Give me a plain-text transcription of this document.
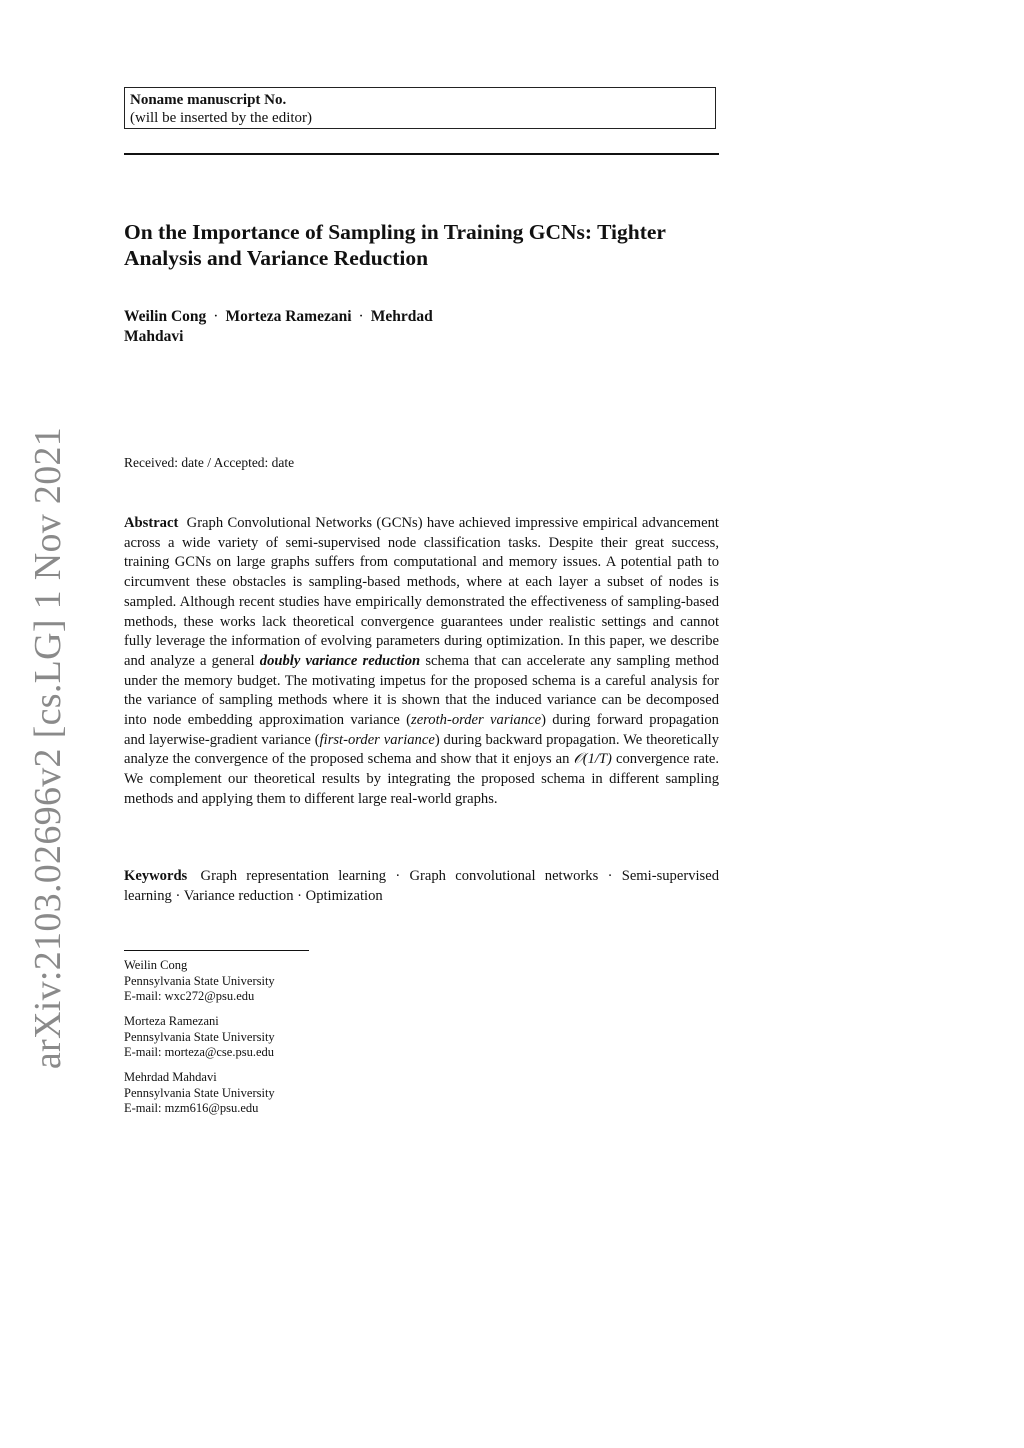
Noname manuscript No.
(will be inserted by the editor)
On the Importance of Sampling in Training GCNs: Tighter Analysis and Variance Reduction
Weilin Cong · Morteza Ramezani · Mehrdad Mahdavi
Received: date / Accepted: date

Abstract Graph Convolutional Networks (GCNs) have achieved impressive empirical advancement across a wide variety of semi-supervised node classification tasks. Despite their great success, training GCNs on large graphs suffers from computational and memory issues. A potential path to circumvent these obstacles is sampling-based methods, where at each layer a subset of nodes is sampled. Although recent studies have empirically demonstrated the effectiveness of sampling-based methods, these works lack theoretical convergence guarantees under realistic settings and cannot fully leverage the information of evolving parameters during optimization. In this paper, we describe and analyze a general doubly variance reduction schema that can accelerate any sampling method under the memory budget. The motivating impetus for the proposed schema is a careful analysis for the variance of sampling methods where it is shown that the induced variance can be decomposed into node embedding approximation variance (zeroth-order variance) during forward propagation and layerwise-gradient variance (first-order variance) during backward propagation. We theoretically analyze the convergence of the proposed schema and show that it enjoys an 𝒪(1/T) convergence rate. We complement our theoretical results by integrating the proposed schema in different sampling methods and applying them to different large real-world graphs.

Keywords Graph representation learning · Graph convolutional networks · Semi-supervised learning · Variance reduction · Optimization

Weilin Cong
Pennsylvania State University
E-mail: wxc272@psu.edu
Morteza Ramezani
Pennsylvania State University
E-mail: morteza@cse.psu.edu
Mehrdad Mahdavi
Pennsylvania State University
E-mail: mzm616@psu.edu
arXiv:2103.02696v2 [cs.LG] 1 Nov 2021
